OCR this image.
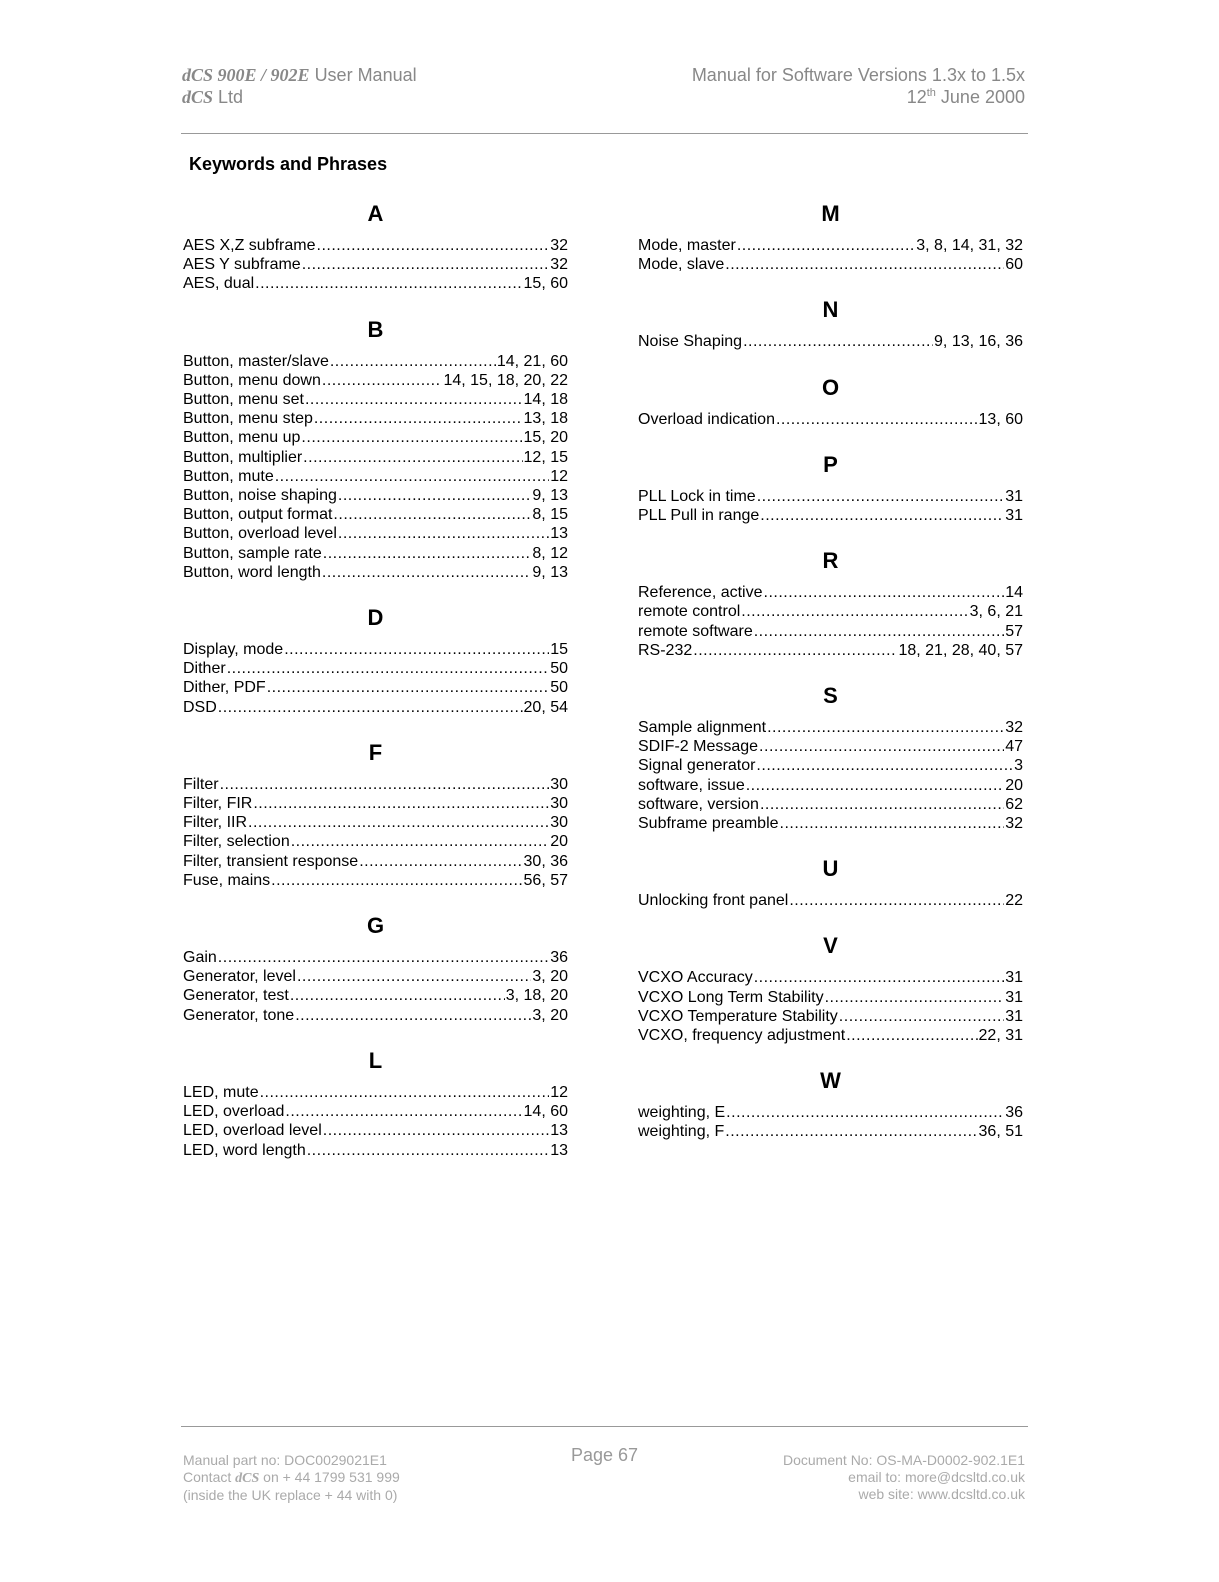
dCS 900E / 902E User Manual
dCS Ltd
Manual for Software Versions 1.3x to 1.5x
12th June 2000
Keywords and Phrases
A
AES X,Z subframe .....	32
AES Y subframe .....	32
AES, dual .....	15, 60
B
Button, master/slave .....	14, 21, 60
Button, menu down .....	14, 15, 18, 20, 22
Button, menu set .....	14, 18
Button, menu step .....	13, 18
Button, menu up .....	15, 20
Button, multiplier .....	12, 15
Button, mute .....	12
Button, noise shaping .....	9, 13
Button, output format .....	8, 15
Button, overload level .....	13
Button, sample rate .....	8, 12
Button, word length .....	9, 13
D
Display, mode .....	15
Dither .....	50
Dither, PDF .....	50
DSD .....	20, 54
F
Filter .....	30
Filter, FIR .....	30
Filter, IIR .....	30
Filter, selection .....	20
Filter, transient response .....	30, 36
Fuse, mains .....	56, 57
G
Gain .....	36
Generator, level .....	3, 20
Generator, test .....	3, 18, 20
Generator, tone .....	3, 20
L
LED, mute .....	12
LED, overload .....	14, 60
LED, overload level .....	13
LED, word length .....	13
M
Mode, master .....	3, 8, 14, 31, 32
Mode, slave .....	60
N
Noise Shaping .....	9, 13, 16, 36
O
Overload indication .....	13, 60
P
PLL Lock in time .....	31
PLL Pull in range .....	31
R
Reference, active .....	14
remote control .....	3, 6, 21
remote software .....	57
RS-232 .....	18, 21, 28, 40, 57
S
Sample alignment .....	32
SDIF-2 Message .....	47
Signal generator .....	3
software, issue .....	20
software, version .....	62
Subframe preamble .....	32
U
Unlocking front panel .....	22
V
VCXO Accuracy .....	31
VCXO Long Term Stability .....	31
VCXO Temperature Stability .....	31
VCXO, frequency adjustment .....	22, 31
W
weighting, E .....	36
weighting, F .....	36, 51
Manual part no: DOC0029021E1
Contact dCS on + 44 1799 531 999
(inside the UK replace + 44 with 0)
Page 67	Document No: OS-MA-D0002-902.1E1
email to: more@dcsltd.co.uk
web site: www.dcsltd.co.uk
